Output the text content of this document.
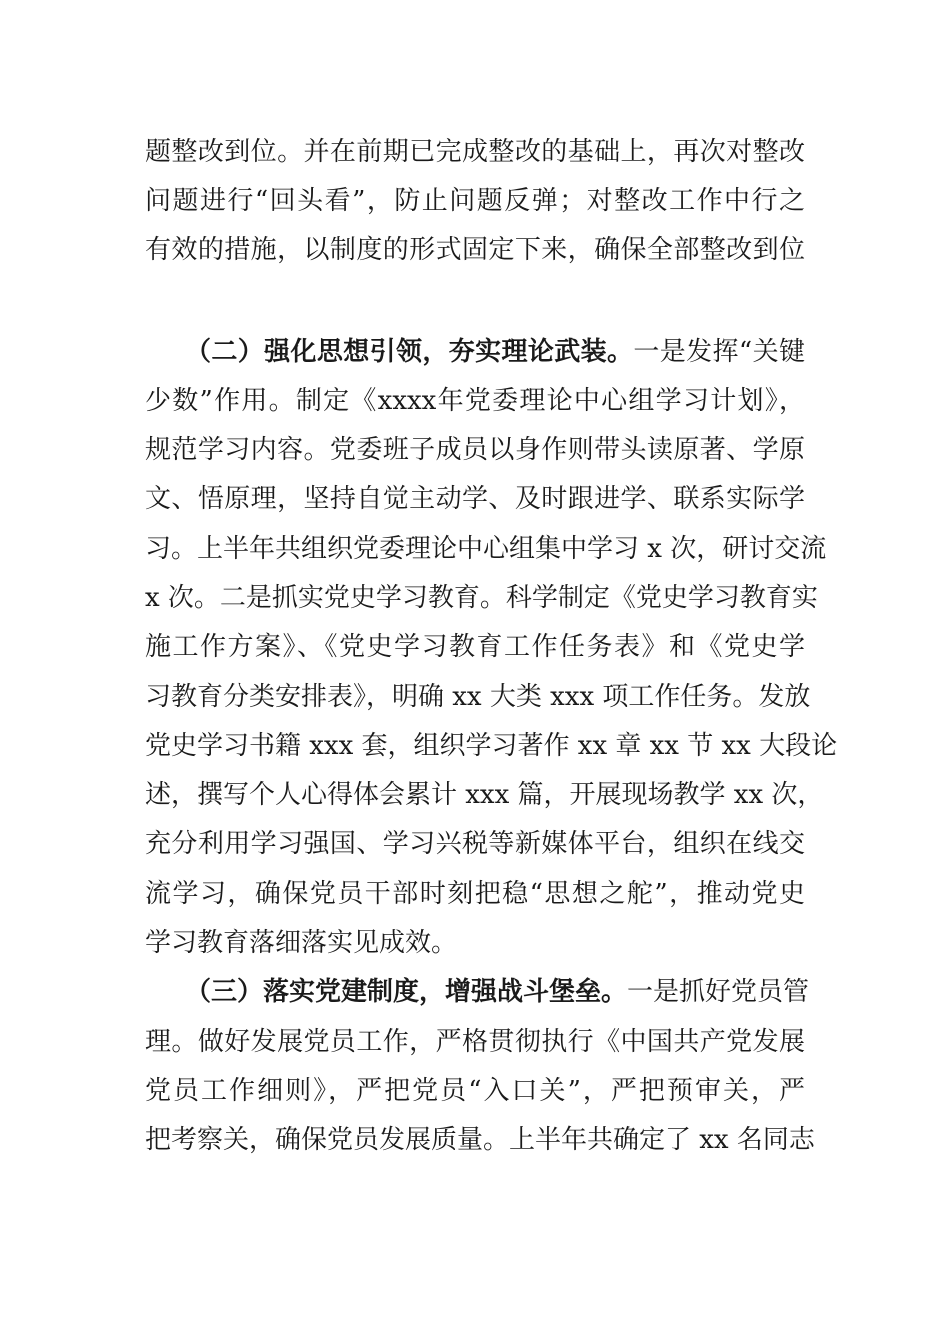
题整改到位。并在前期已完成整改的基础上，再次对整改
问题进行“回头看”，防止问题反弹；对整改工作中行之
有效的措施，以制度的形式固定下来，确保全部整改到位
（二）强化思想引领，夯实理论武装。一是发挥“关键
少数”作用。制定《xxxx年党委理论中心组学习计划》，
规范学习内容。党委班子成员以身作则带头读原著、学原
文、悟原理，坚持自觉主动学、及时跟进学、联系实际学
习。上半年共组织党委理论中心组集中学习 x 次，研讨交流
x 次。二是抓实党史学习教育。科学制定《党史学习教育实
施工作方案》、《党史学习教育工作任务表》和《党史学
习教育分类安排表》，明确 xx 大类 xxx 项工作任务。发放
党史学习书籍 xxx 套，组织学习著作 xx 章 xx 节 xx 大段论
述，撰写个人心得体会累计 xxx 篇，开展现场教学 xx 次，
充分利用学习强国、学习兴税等新媒体平台，组织在线交
流学习，确保党员干部时刻把稳“思想之舵”，推动党史
学习教育落细落实见成效。
（三）落实党建制度，增强战斗堡垒。一是抓好党员管
理。做好发展党员工作，严格贯彻执行《中国共产党发展
党员工作细则》，严把党员“入口关”，严把预审关，严
把考察关，确保党员发展质量。上半年共确定了 xx 名同志
